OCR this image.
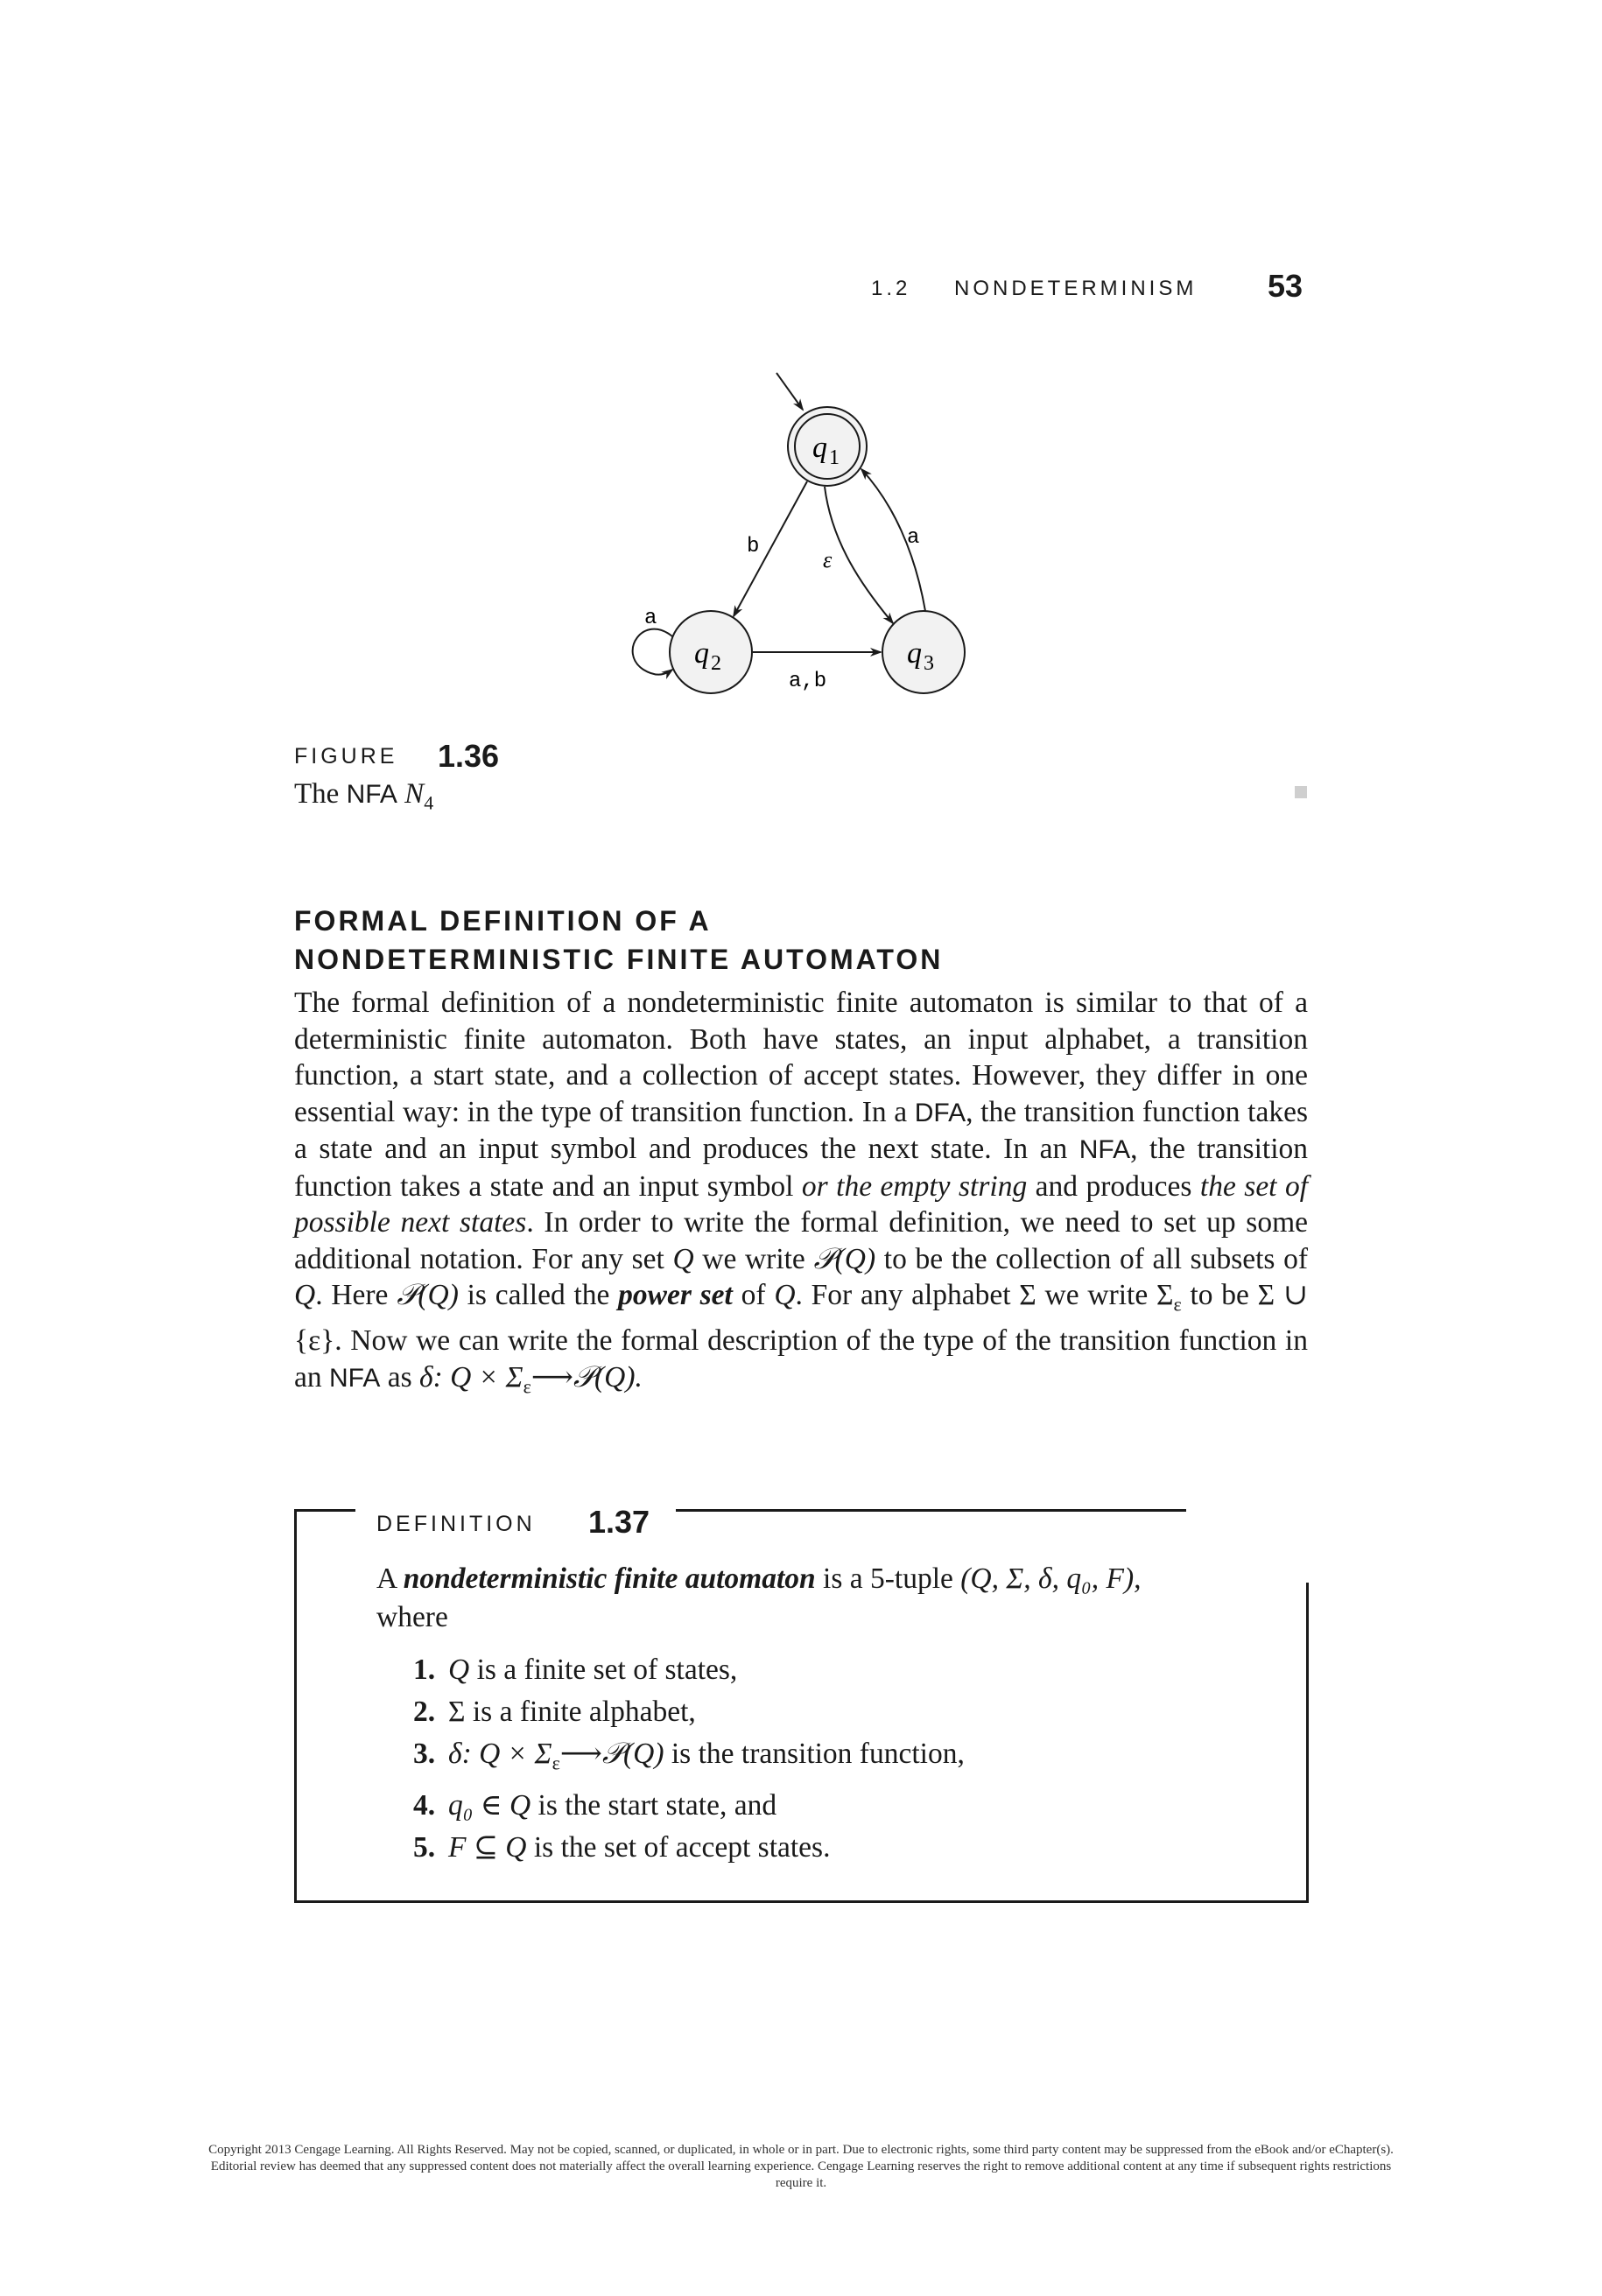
1.2 NONDETERMINISM 53
q 1
q 2	q 3
b
ε
a
a
a,b
FIGURE 1.36
The NFA $N_4$
FORMAL DEFINITION OF A
NONDETERMINISTIC FINITE AUTOMATON
The formal definition of a nondeterministic finite automaton is similar to that of a deterministic finite automaton. Both have states, an input alphabet, a transition function, a start state, and a collection of accept states. However, they differ in one essential way: in the type of transition function. In a DFA, the transition function takes a state and an input symbol and produces the next state. In an NFA, the transition function takes a state and an input symbol or the empty string and produces the set of possible next states. In order to write the formal definition, we need to set up some additional notation. For any set Q we write 𝒫(Q) to be the collection of all subsets of Q. Here 𝒫(Q) is called the power set of Q. For any alphabet Σ we write $\Sigma_\varepsilon$ to be Σ ∪ {ε}. Now we can write the formal description of the type of the transition function in an NFA as δ: $Q \times \Sigma_\varepsilon⟶𝒫(Q)$.
DEFINITION 1.37
A nondeterministic finite automaton is a 5-tuple (Q, Σ, δ, q₀, F),
where
1. Q is a finite set of states,
2. Σ is a finite alphabet,
3. δ: $Q \times \Sigma_\varepsilon⟶𝒫(Q)$ is the transition function,
4. q₀ ∈ Q is the start state, and
5. F ⊆ Q is the set of accept states.
Copyright 2013 Cengage Learning. All Rights Reserved. May not be copied, scanned, or duplicated, in whole or in part. Due to electronic rights, some third party content may be suppressed from the eBook and/or eChapter(s). Editorial review has deemed that any suppressed content does not materially affect the overall learning experience. Cengage Learning reserves the right to remove additional content at any time if subsequent rights restrictions require it.
